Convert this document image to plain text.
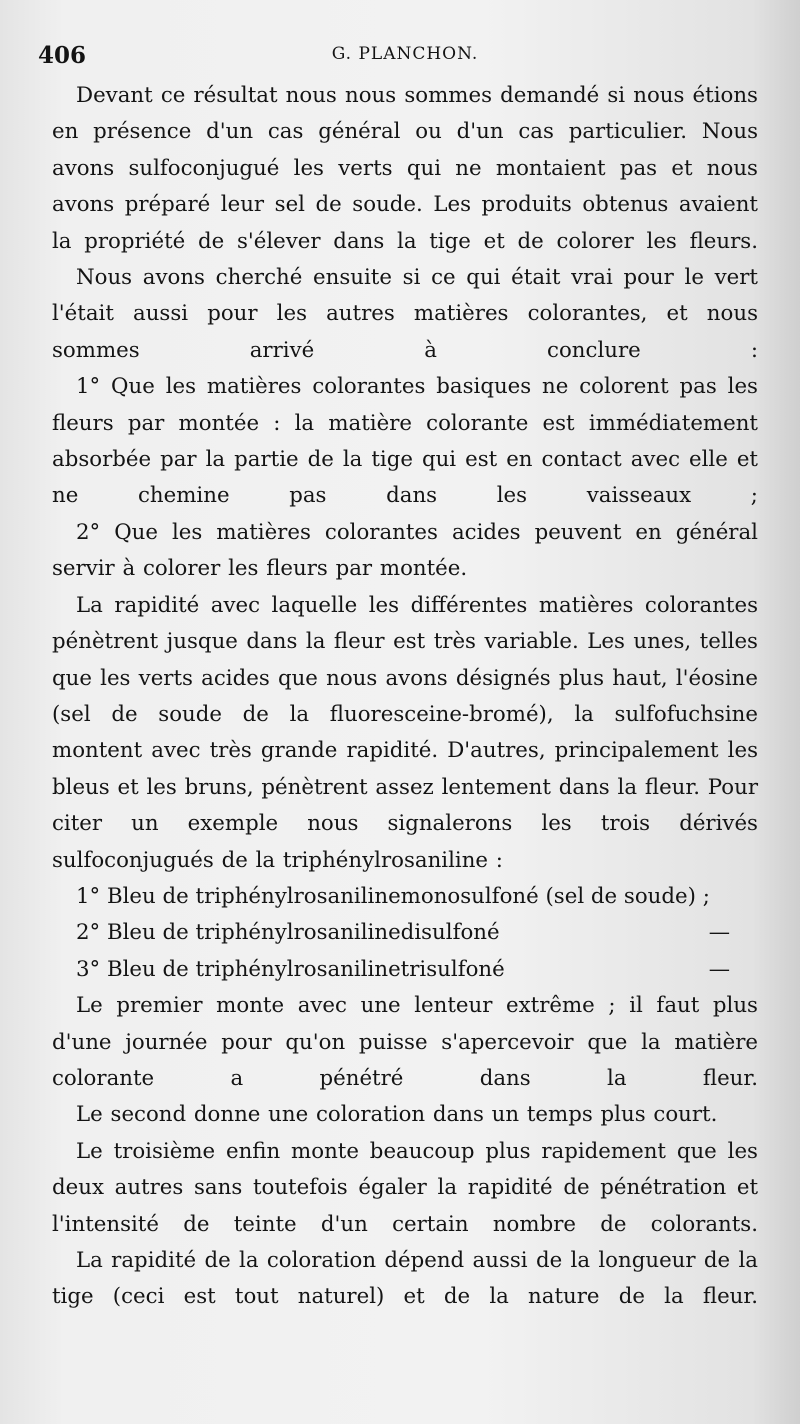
406	G. PLANCHON.

Devant ce résultat nous nous sommes demandé si nous étions en présence d'un cas général ou d'un cas particulier. Nous avons sulfoconjugué les verts qui ne montaient pas et nous avons préparé leur sel de soude. Les produits obtenus avaient la propriété de s'élever dans la tige et de colorer les fleurs.

Nous avons cherché ensuite si ce qui était vrai pour le vert l'était aussi pour les autres matières colorantes, et nous sommes arrivé à conclure :

1° Que les matières colorantes basiques ne colorent pas les fleurs par montée : la matière colorante est immédiatement absorbée par la partie de la tige qui est en contact avec elle et ne chemine pas dans les vaisseaux ;

2° Que les matières colorantes acides peuvent en général servir à colorer les fleurs par montée.

La rapidité avec laquelle les différentes matières colorantes pénètrent jusque dans la fleur est très variable. Les unes, telles que les verts acides que nous avons désignés plus haut, l'éosine (sel de soude de la fluoresceine-bromé), la sulfofuchsine montent avec très grande rapidité. D'autres, principalement les bleus et les bruns, pénètrent assez lentement dans la fleur. Pour citer un exemple nous signalerons les trois dérivés sulfoconjugués de la triphénylrosaniline :

1° Bleu de triphénylrosanilinemonosulfoné (sel de soude) ;
2° Bleu de triphénylrosanilinedisulfoné	—
3° Bleu de triphénylrosanilinetrisulfoné	—

Le premier monte avec une lenteur extrême ; il faut plus d'une journée pour qu'on puisse s'apercevoir que la matière colorante a pénétré dans la fleur.

Le second donne une coloration dans un temps plus court.

Le troisième enfin monte beaucoup plus rapidement que les deux autres sans toutefois égaler la rapidité de pénétration et l'intensité de teinte d'un certain nombre de colorants.

La rapidité de la coloration dépend aussi de la longueur de la tige (ceci est tout naturel) et de la nature de la fleur.
